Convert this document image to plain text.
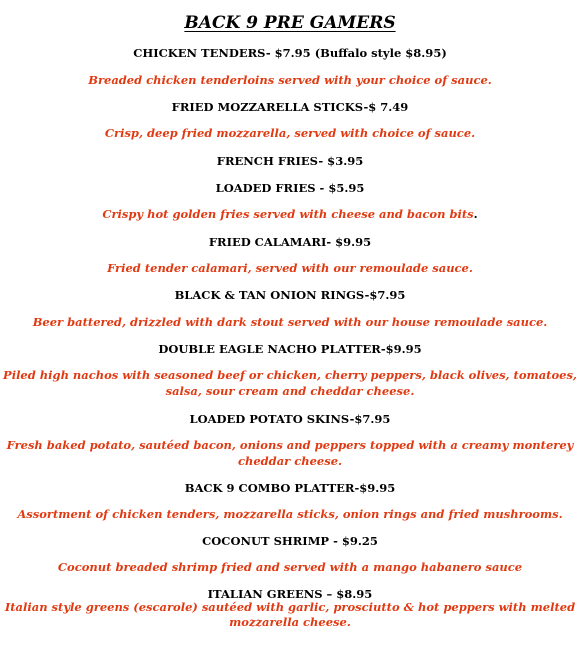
BACK 9 PRE GAMERS

CHICKEN TENDERS- $7.95 (Buffalo style $8.95)

Breaded chicken tenderloins served with your choice of sauce.

FRIED MOZZARELLA STICKS-$ 7.49

Crisp, deep fried mozzarella, served with choice of sauce.

FRENCH FRIES- $3.95

LOADED FRIES - $5.95

Crispy hot golden fries served with cheese and bacon bits.

FRIED CALAMARI- $9.95

Fried tender calamari, served with our remoulade sauce.

BLACK & TAN ONION RINGS-$7.95

Beer battered, drizzled with dark stout served with our house remoulade sauce.

DOUBLE EAGLE NACHO PLATTER-$9.95

Piled high nachos with seasoned beef or chicken, cherry peppers, black olives, tomatoes,

salsa, sour cream and cheddar cheese.

LOADED POTATO SKINS-$7.95

Fresh baked potato, sautéed bacon, onions and peppers topped with a creamy monterey

cheddar cheese.

BACK 9 COMBO PLATTER-$9.95

Assortment of chicken tenders, mozzarella sticks, onion rings and fried mushrooms.

COCONUT SHRIMP - $9.25

Coconut breaded shrimp fried and served with a mango habanero sauce

ITALIAN GREENS – $8.95

Italian style greens (escarole) sautéed with garlic, prosciutto & hot peppers with melted

mozzarella cheese.
